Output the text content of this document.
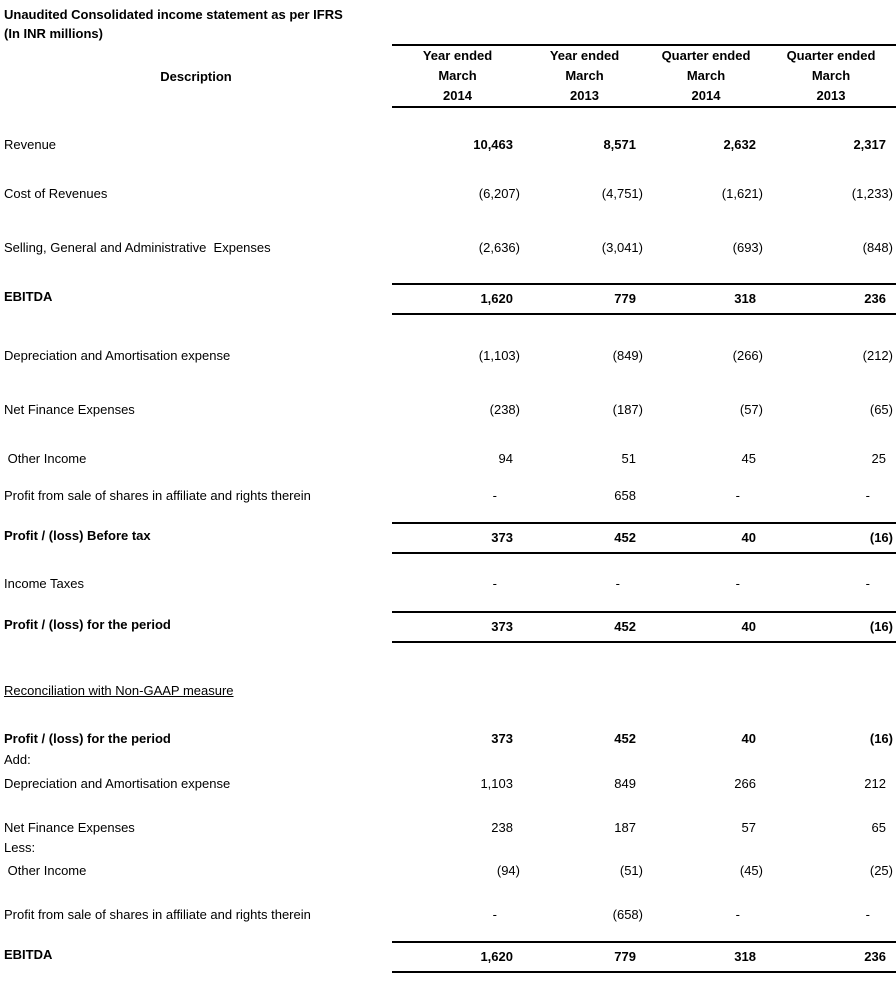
Unaudited Consolidated income statement as per IFRS
(In INR millions)
Description
Year ended
March
2014
Year ended
March
2013
Quarter ended
March
2014
Quarter ended
March
2013
Revenue	10,463	8,571	2,632	2,317
Cost of Revenues	(6,207)	(4,751)	(1,621)	(1,233)
Selling, General and Administrative  Expenses	(2,636)	(3,041)	(693)	(848)
EBITDA	1,620	779	318	236
Depreciation and Amortisation expense	(1,103)	(849)	(266)	(212)
Net Finance Expenses	(238)	(187)	(57)	(65)
Other Income	94	51	45	25
Profit from sale of shares in affiliate and rights therein	-	658	-	-
Profit / (loss) Before tax	373	452	40	(16)
Income Taxes	-	-	-	-
Profit / (loss) for the period	373	452	40	(16)
Reconciliation with Non-GAAP measure
Profit / (loss) for the period	373	452	40	(16)
Add:
Depreciation and Amortisation expense	1,103	849	266	212
Net Finance Expenses	238	187	57	65
Less:
Other Income	(94)	(51)	(45)	(25)
Profit from sale of shares in affiliate and rights therein	-	(658)	-	-
EBITDA	1,620	779	318	236
